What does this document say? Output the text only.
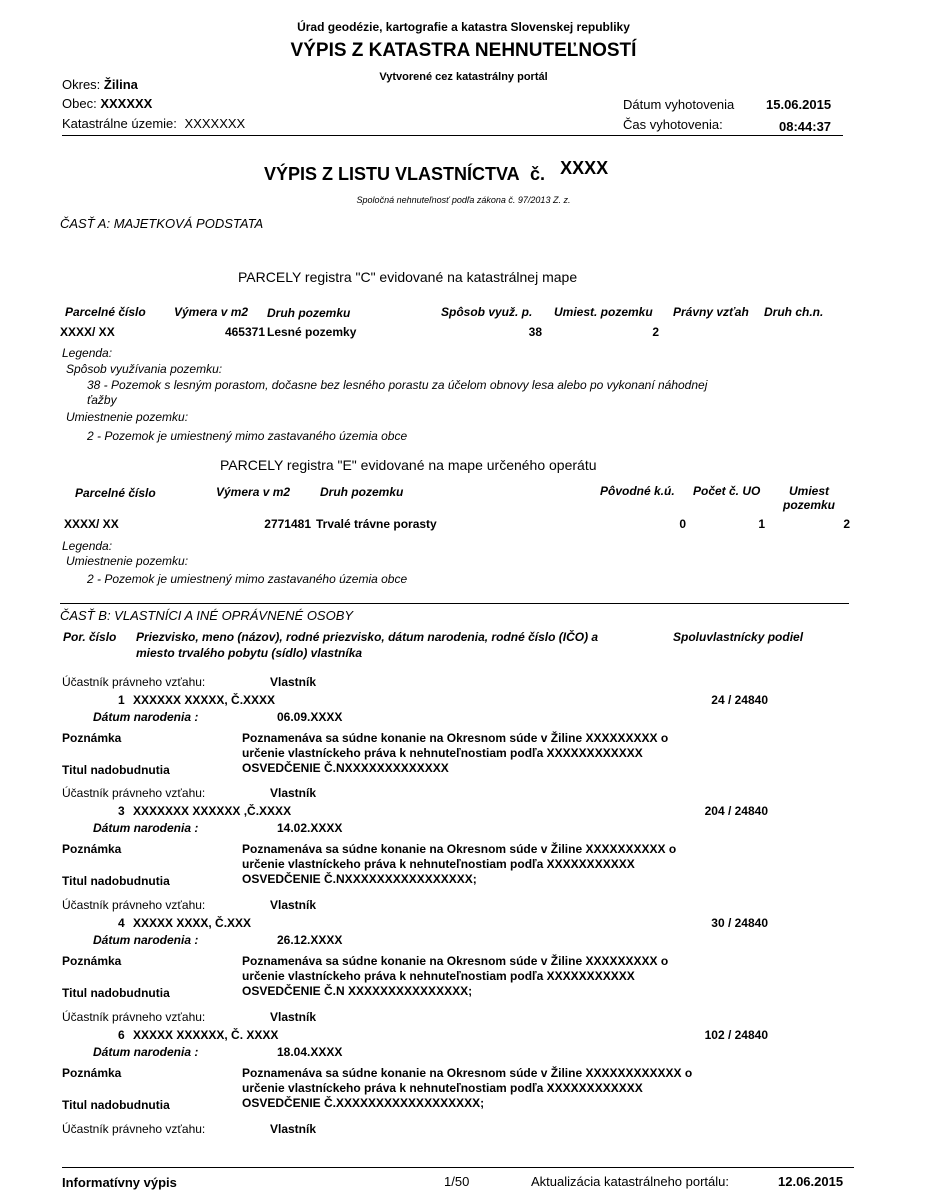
Úrad geodézie, kartografie a katastra Slovenskej republiky
VÝPIS Z KATASTRA NEHNUTEĽNOSTÍ
Vytvorené cez katastrálny portál
Okres: Žilina
Obec: XXXXXX
Katastrálne územie: XXXXXXX
Dátum vyhotovenia 15.06.2015
Čas vyhotovenia:	08:44:37
VÝPIS Z LISTU VLASTNÍCTVA č. XXXX
Spoločná nehnuteľnosť podľa zákona č. 97/2013 Z. z.
ČASŤ A: MAJETKOVÁ PODSTATA
PARCELY registra "C" evidované na katastrálnej mape
Parcelné číslo Výmera v m2 Druh pozemku	Spôsob využ. p. Umiest. pozemku Právny vzťah Druh ch.n.
XXXX/ XX	465371 Lesné pozemky	38	2
Legenda:
Spôsob využívania pozemku:
38 - Pozemok s lesným porastom, dočasne bez lesného porastu za účelom obnovy lesa alebo po vykonaní náhodnej
ťažby
Umiestnenie pozemku:
2 - Pozemok je umiestnený mimo zastavaného územia obce
PARCELY registra "E" evidované na mape určeného operátu
Parcelné číslo	Výmera v m2 Druh pozemku	Pôvodné k.ú. Počet č. UO Umiest
pozemku
XXXX/ XX	2771481 Trvalé trávne porasty	0	1	2
Legenda:
Umiestnenie pozemku:
2 - Pozemok je umiestnený mimo zastavaného územia obce
ČASŤ B: VLASTNÍCI A INÉ OPRÁVNENÉ OSOBY
Por. číslo Priezvisko, meno (názov), rodné priezvisko, dátum narodenia, rodné číslo (IČO) a
miesto trvalého pobytu (sídlo) vlastníka
Spoluvlastnícky podiel
Účastník právneho vzťahu:	Vlastník
1 XXXXXX XXXXX, Č.XXXX	24 / 24840
Dátum narodenia :	06.09.XXXX
Poznámka	Poznamenáva sa súdne konanie na Okresnom súde v Žiline XXXXXXXXX o
určenie vlastníckeho práva k nehnuteľnostiam podľa XXXXXXXXXXXX
Titul nadobudnutia	OSVEDČENIE Č.NXXXXXXXXXXXXX
Účastník právneho vzťahu:	Vlastník
3 XXXXXXX XXXXXX ,Č.XXXX	204 / 24840
Dátum narodenia :	14.02.XXXX
Poznámka	Poznamenáva sa súdne konanie na Okresnom súde v Žiline XXXXXXXXXX o
určenie vlastníckeho práva k nehnuteľnostiam podľa XXXXXXXXXXX
Titul nadobudnutia	OSVEDČENIE Č.NXXXXXXXXXXXXXXXX;
Účastník právneho vzťahu:	Vlastník
4 XXXXX XXXX, Č.XXX	30 / 24840
Dátum narodenia :	26.12.XXXX
Poznámka	Poznamenáva sa súdne konanie na Okresnom súde v Žiline XXXXXXXXX o
určenie vlastníckeho práva k nehnuteľnostiam podľa XXXXXXXXXXX
Titul nadobudnutia	OSVEDČENIE Č.N XXXXXXXXXXXXXXX;
Účastník právneho vzťahu:	Vlastník
6 XXXXX XXXXXX, Č. XXXX	102 / 24840
Dátum narodenia :	18.04.XXXX
Poznámka	Poznamenáva sa súdne konanie na Okresnom súde v Žiline XXXXXXXXXXXX o
určenie vlastníckeho práva k nehnuteľnostiam podľa XXXXXXXXXXXX
Titul nadobudnutia	OSVEDČENIE Č.XXXXXXXXXXXXXXXXXX;
Účastník právneho vzťahu:	Vlastník
Informatívny výpis	1/50	Aktualizácia katastrálneho portálu:	12.06.2015
